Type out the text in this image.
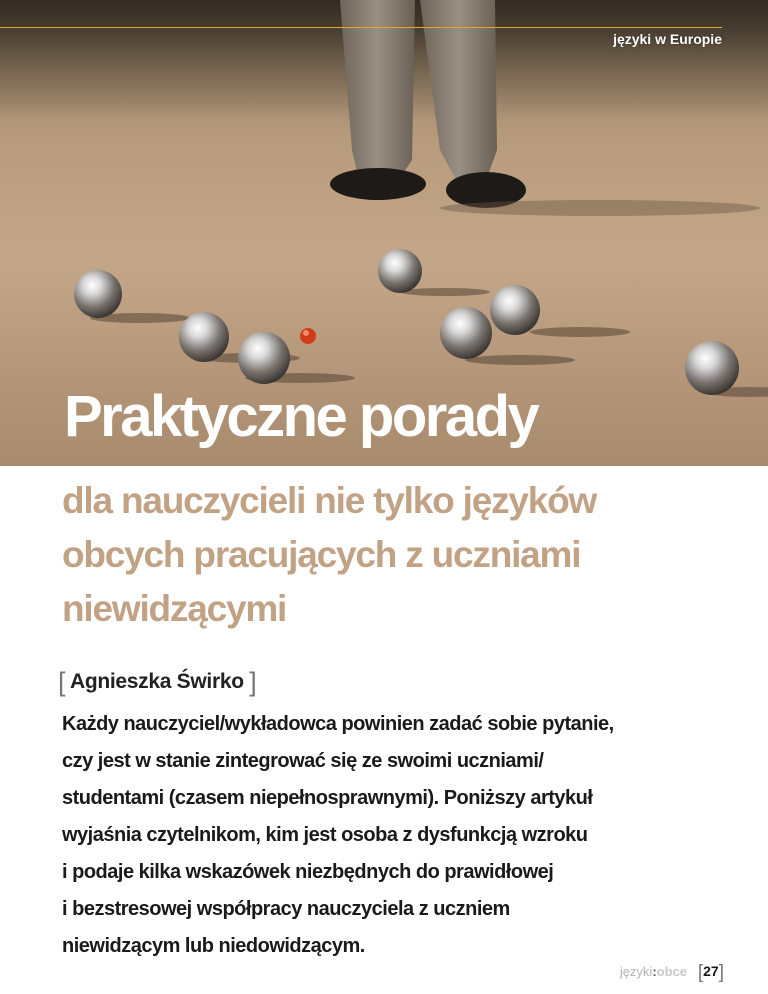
języki w Europie
Praktyczne porady
dla nauczycieli nie tylko języków
obcych pracujących z uczniami
niewidzącymi
[ Agnieszka Świrko ]
Każdy nauczyciel/wykładowca powinien zadać sobie pytanie,
czy jest w stanie zintegrować się ze swoimi uczniami/
studentami (czasem niepełnosprawnymi). Poniższy artykuł
wyjaśnia czytelnikom, kim jest osoba z dysfunkcją wzroku
i podaje kilka wskazówek niezbędnych do prawidłowej
i bezstresowej współpracy nauczyciela z uczniem
niewidzącym lub niedowidzącym.
języki:obce [27]
